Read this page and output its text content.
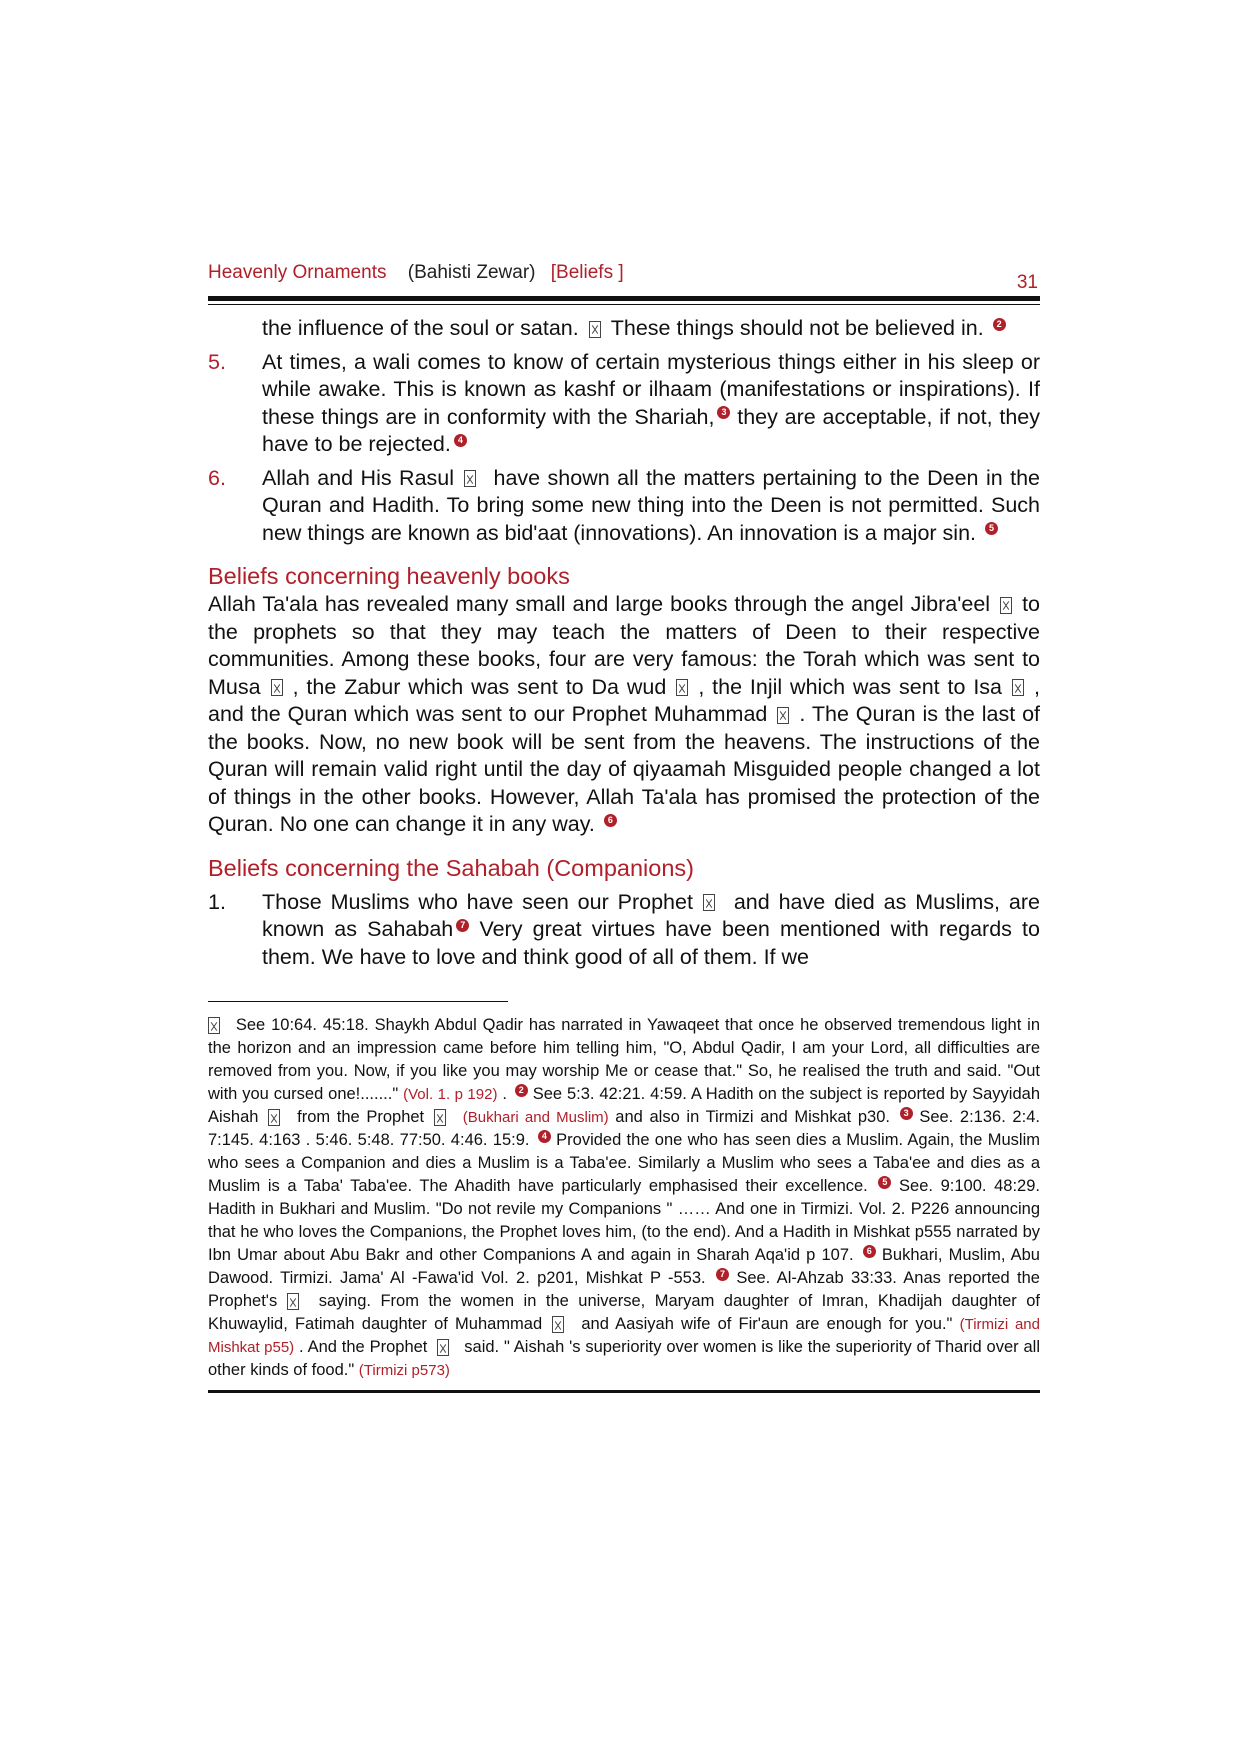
Heavenly Ornaments (Bahisti Zewar) [Beliefs ]	31

the influence of the soul or satan. These things should not be believed in. 2

5. At times, a wali comes to know of certain mysterious things either in his sleep or while awake. This is known as kashf or ilhaam (manifestations or inspirations). If these things are in conformity with the Shariah, 3 they are acceptable, if not, they have to be rejected. 4

6. Allah and His Rasul have shown all the matters pertaining to the Deen in the Quran and Hadith. To bring some new thing into the Deen is not permitted. Such new things are known as bid'aat (innovations). An innovation is a major sin. 5

Beliefs concerning heavenly books

Allah Ta'ala has revealed many small and large books through the angel Jibra'eel to the prophets so that they may teach the matters of Deen to their respective communities. Among these books, four are very famous: the Torah which was sent to Musa , the Zabur which was sent to Da wud , the Injil which was sent to Isa , and the Quran which was sent to our Prophet Muhammad . The Quran is the last of the books. Now, no new book will be sent from the heavens. The instructions of the Quran will remain valid right until the day of qiyaamah Misguided people changed a lot of things in the other books. However, Allah Ta'ala has promised the protection of the Quran. No one can change it in any way. 6

Beliefs concerning the Sahabah (Companions)
1. Those Muslims who have seen our Prophet and have died as Muslims, are known as Sahabah 7 Very great virtues have been mentioned with regards to them. We have to love and think good of all of them. If we

See 10:64. 45:18. Shaykh Abdul Qadir has narrated in Yawaqeet that once he observed tremendous light in the horizon and an impression came before him telling him, "O, Abdul Qadir, I am your Lord, all difficulties are removed from you. Now, if you like you may worship Me or cease that." So, he realised the truth and said. "Out with you cursed one!......." (Vol. 1. p 192) . 2 See 5:3. 42:21. 4:59. A Hadith on the subject is reported by Sayyidah Aishah from the Prophet	(Bukhari and Muslim) and also in Tirmizi and Mishkat p30. 3 See. 2:136. 2:4. 7:145. 4:163 . 5:46. 5:48. 77:50. 4:46. 15:9. 4 Provided the one who has seen dies a Muslim. Again, the Muslim who sees a Companion and dies a Muslim is a Taba'ee. Similarly a Muslim who sees a Taba'ee and dies as a Muslim is a Taba' Taba'ee. The Ahadith have particularly emphasised their excellence. 5 See. 9:100. 48:29. Hadith in Bukhari and Muslim. "Do not revile my Companions " …… And one in Tirmizi. Vol. 2. P226 announcing that he who loves the Companions, the Prophet loves him, (to the end). And a Hadith in Mishkat p555 narrated by Ibn Umar about Abu Bakr and other Companions A and again in Sharah Aqa'id p 107. 6 Bukhari, Muslim, Abu Dawood. Tirmizi. Jama' Al -Fawa'id Vol. 2. p201, Mishkat P -553. 7 See. Al-Ahzab 33:33. Anas reported the Prophet's	saying. From the women in the universe, Maryam daughter of Imran, Khadijah daughter of Khuwaylid, Fatimah daughter of Muhammad and Aasiyah wife of Fir'aun are enough for you." (Tirmizi and Mishkat p55) . And the Prophet said. " Aishah 's superiority over women is like the superiority of Tharid over all other kinds of food." (Tirmizi p573)
